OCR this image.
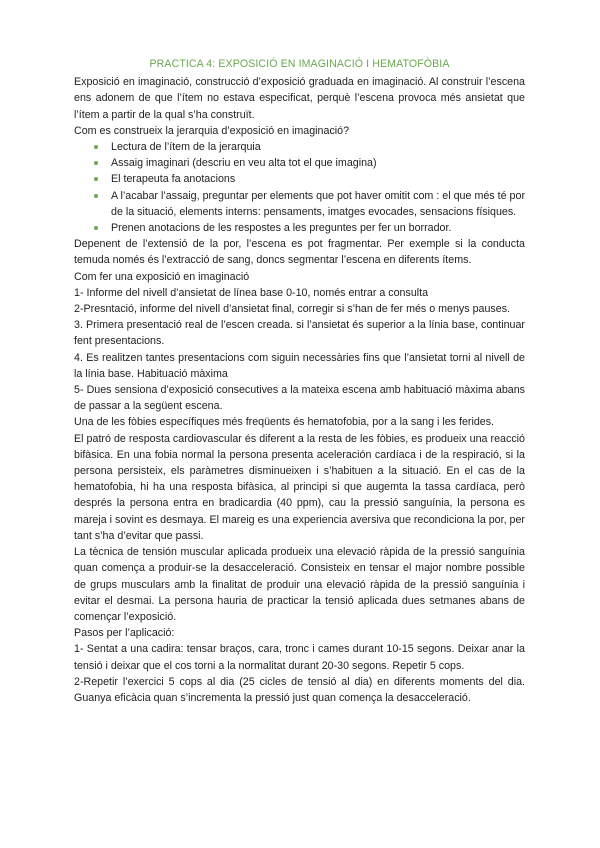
PRACTICA 4: EXPOSICIÓ EN IMAGINACIÓ I HEMATOFÒBIA

Exposició en imaginació, construcció d’exposició graduada en imaginació. Al construir l’escena ens adonem de que l’ítem no estava especificat, perquè l’escena provoca més ansietat que l’ítem a partir de la qual s’ha construït.

Com es construeix la jerarquia d’exposició en imaginació?

Lectura de l’ítem de la jerarquia
Assaig imaginari (descriu en veu alta tot el que imagina)
El terapeuta fa anotacions
A l’acabar l’assaig, preguntar per elements que pot haver omitit com : el que més té por de la situació, elements interns: pensaments, imatges evocades, sensacions físiques.
Prenen anotacions de les respostes a les preguntes per fer un borrador.

Depenent de l’extensió de la por, l’escena es pot fragmentar. Per exemple si la conducta temuda només és l’extracció de sang, doncs segmentar l’escena en diferents ítems.

Com fer una exposició en imaginació

1- Informe del nivell d’ansietat de línea base 0-10, només entrar a consulta

2-Presntació, informe del nivell d’ansietat final, corregir si s’han de fer més o menys pauses.

3. Primera presentació real de l’escen creada. si l’ansietat és superior a la línia base, continuar fent presentacions.

4. Es realitzen tantes presentacions com siguin necessàries fins que l’ansietat torni al nivell de la línia base. Habituació màxima

5- Dues sensiona d’exposició consecutives a la mateixa escena amb habituació màxima abans de passar a la següent escena.

Una de les fòbies específiques més freqüents és hematofobia, por a la sang i les ferides.

El patró de resposta cardiovascular és diferent a la resta de les fòbies, es produeix una reacció bifàsica. En una fobia normal la persona presenta aceleración cardíaca i de la respiració, si la persona persisteix, els paràmetres disminueixen i s’habituen a la situació. En el cas de la hematofobia, hi ha una resposta bifàsica, al principi si que augemta la tassa cardíaca, però després la persona entra en bradicardia (40 ppm), cau la pressió sanguínia, la persona es mareja i sovint es desmaya. El mareig es una experiencia aversiva que recondiciona la por, per tant s’ha d’evitar que passi.

La tècnica de tensión muscular aplicada produeix una elevació ràpida de la pressió sanguínia quan comença a produir-se la desacceleració. Consisteix en tensar el major nombre possible de grups musculars amb la finalitat de produir una elevació ràpida de la pressió sanguínia i evitar el desmai. La persona hauria de practicar la tensió aplicada dues setmanes abans de començar l’exposició.

Pasos per l’aplicació:

1- Sentat a una cadira: tensar braços, cara, tronc i cames durant 10-15 segons. Deixar anar la tensió i deixar que el cos torni a la normalitat durant 20-30 segons. Repetir 5 cops.

2-Repetir l’exercici 5 cops al dia (25 cicles de tensió al dia) en diferents moments del dia. Guanya eficàcia quan s’incrementa la pressió just quan comença la desacceleració.
